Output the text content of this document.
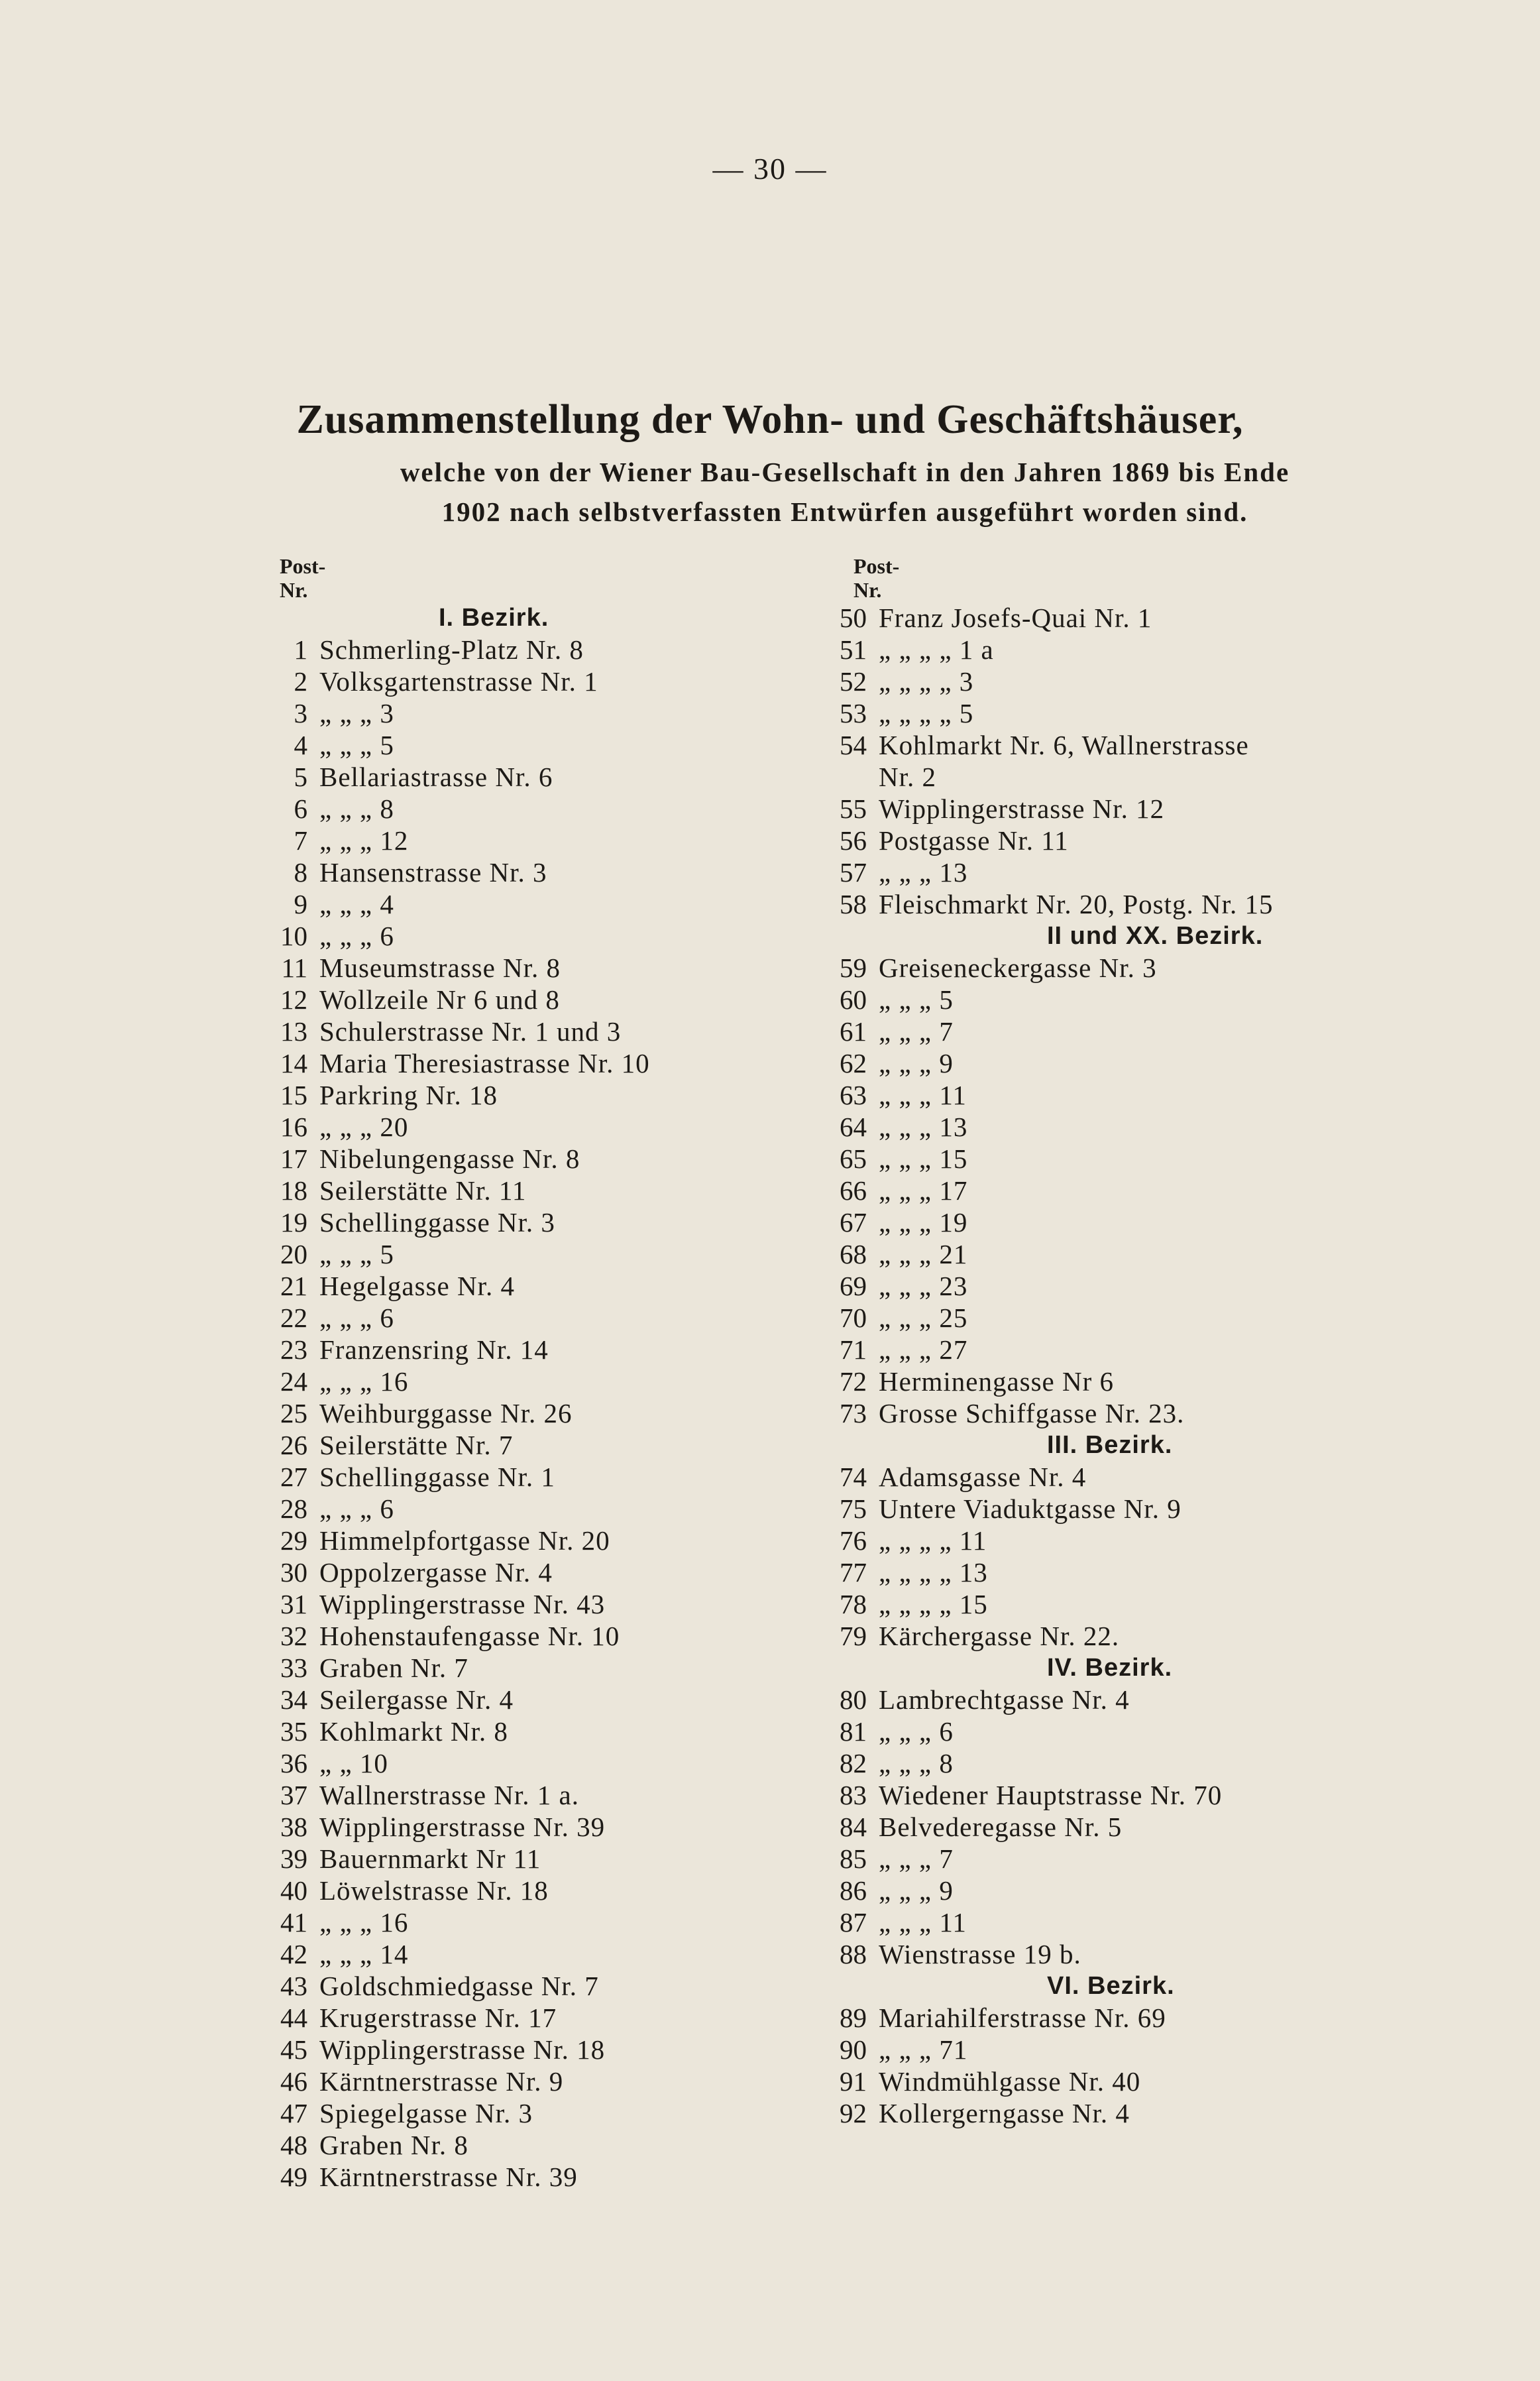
— 30 —
Zusammenstellung der Wohn- und Geschäftshäuser,
welche von der Wiener Bau-Gesellschaft in den Jahren 1869 bis Ende
1902 nach selbstverfassten Entwürfen ausgeführt worden sind.
Post-
Nr.
Post-
Nr.
I. Bezirk.
1 Schmerling-Platz Nr. 8
2 Volksgartenstrasse Nr. 1
3 „ „ „ 3
4 „ „ „ 5
5 Bellariastrasse Nr. 6
6 „ „ „ 8
7 „ „ „ 12
8 Hansenstrasse Nr. 3
9 „ „ „ 4
10 „ „ „ 6
11 Museumstrasse Nr. 8
12 Wollzeile Nr 6 und 8
13 Schulerstrasse Nr. 1 und 3
14 Maria Theresiastrasse Nr. 10
15 Parkring Nr. 18
16 „ „ „ 20
17 Nibelungengasse Nr. 8
18 Seilerstätte Nr. 11
19 Schellinggasse Nr. 3
20 „ „ „ 5
21 Hegelgasse Nr. 4
22 „ „ „ 6
23 Franzensring Nr. 14
24 „ „ „ 16
25 Weihburggasse Nr. 26
26 Seilerstätte Nr. 7
27 Schellinggasse Nr. 1
28 „ „ „ 6
29 Himmelpfortgasse Nr. 20
30 Oppolzergasse Nr. 4
31 Wipplingerstrasse Nr. 43
32 Hohenstaufengasse Nr. 10
33 Graben Nr. 7
34 Seilergasse Nr. 4
35 Kohlmarkt Nr. 8
36 „ „ 10
37 Wallnerstrasse Nr. 1 a.
38 Wipplingerstrasse Nr. 39
39 Bauernmarkt Nr 11
40 Löwelstrasse Nr. 18
41 „ „ „ 16
42 „ „ „ 14
43 Goldschmiedgasse Nr. 7
44 Krugerstrasse Nr. 17
45 Wipplingerstrasse Nr. 18
46 Kärntnerstrasse Nr. 9
47 Spiegelgasse Nr. 3
48 Graben Nr. 8
49 Kärntnerstrasse Nr. 39
50 Franz Josefs-Quai Nr. 1
51 „ „ „ „ 1 a
52 „ „ „ „ 3
53 „ „ „ „ 5
54 Kohlmarkt Nr. 6, Wallnerstrasse
Nr. 2
55 Wipplingerstrasse Nr. 12
56 Postgasse Nr. 11
57 „ „ „ 13
58 Fleischmarkt Nr. 20, Postg. Nr. 15
II und XX. Bezirk.
59 Greiseneckergasse Nr. 3
60 „ „ „ 5
61 „ „ „ 7
62 „ „ „ 9
63 „ „ „ 11
64 „ „ „ 13
65 „ „ „ 15
66 „ „ „ 17
67 „ „ „ 19
68 „ „ „ 21
69 „ „ „ 23
70 „ „ „ 25
71 „ „ „ 27
72 Herminengasse Nr 6
73 Grosse Schiffgasse Nr. 23.
III. Bezirk.
74 Adamsgasse Nr. 4
75 Untere Viaduktgasse Nr. 9
76 „ „ „ „ 11
77 „ „ „ „ 13
78 „ „ „ „ 15
79 Kärchergasse Nr. 22.
IV. Bezirk.
80 Lambrechtgasse Nr. 4
81 „ „ „ 6
82 „ „ „ 8
83 Wiedener Hauptstrasse Nr. 70
84 Belvederegasse Nr. 5
85 „ „ „ 7
86 „ „ „ 9
87 „ „ „ 11
88 Wienstrasse 19 b.
VI. Bezirk.
89 Mariahilferstrasse Nr. 69
90 „ „ „ 71
91 Windmühlgasse Nr. 40
92 Kollergerngasse Nr. 4
